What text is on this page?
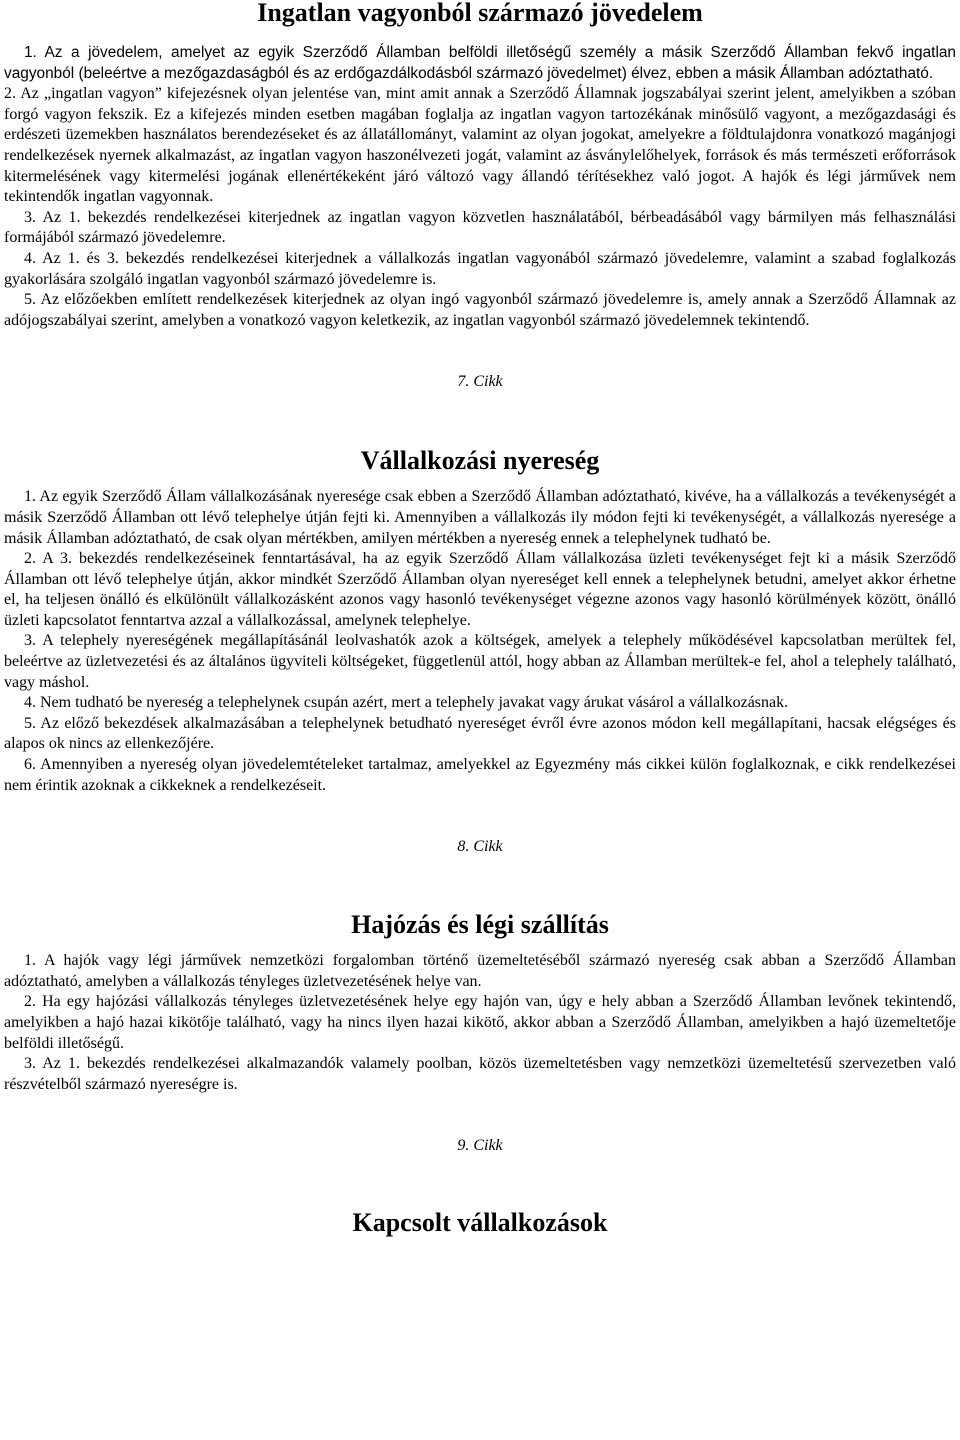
Ingatlan vagyonból származó jövedelem

1. Az a jövedelem, amelyet az egyik Szerződő Államban belföldi illetőségű személy a másik Szerződő Államban fekvő ingatlan vagyonból (beleértve a mezőgazdaságból és az erdőgazdálkodásból származó jövedelmet) élvez, ebben a másik Államban adóztatható.

2. Az „ingatlan vagyon” kifejezésnek olyan jelentése van, mint amit annak a Szerződő Államnak jogszabályai szerint jelent, amelyikben a szóban forgó vagyon fekszik. Ez a kifejezés minden esetben magában foglalja az ingatlan vagyon tartozékának minősülő vagyont, a mezőgazdasági és erdészeti üzemekben használatos berendezéseket és az állatállományt, valamint az olyan jogokat, amelyekre a földtulajdonra vonatkozó magánjogi rendelkezések nyernek alkalmazást, az ingatlan vagyon haszonélvezeti jogát, valamint az ásványlelőhelyek, források és más természeti erőforrások kitermelésének vagy kitermelési jogának ellenértékeként járó változó vagy állandó térítésekhez való jogot. A hajók és légi járművek nem tekintendők ingatlan vagyonnak.

3. Az 1. bekezdés rendelkezései kiterjednek az ingatlan vagyon közvetlen használatából, bérbeadásából vagy bármilyen más felhasználási formájából származó jövedelemre.

4. Az 1. és 3. bekezdés rendelkezései kiterjednek a vállalkozás ingatlan vagyonából származó jövedelemre, valamint a szabad foglalkozás gyakorlására szolgáló ingatlan vagyonból származó jövedelemre is.

5. Az előzőekben említett rendelkezések kiterjednek az olyan ingó vagyonból származó jövedelemre is, amely annak a Szerződő Államnak az adójogszabályai szerint, amelyben a vonatkozó vagyon keletkezik, az ingatlan vagyonból származó jövedelemnek tekintendő.

7. Cikk

Vállalkozási nyereség

1. Az egyik Szerződő Állam vállalkozásának nyeresége csak ebben a Szerződő Államban adóztatható, kivéve, ha a vállalkozás a tevékenységét a másik Szerződő Államban ott lévő telephelye útján fejti ki. Amennyiben a vállalkozás ily módon fejti ki tevékenységét, a vállalkozás nyeresége a másik Államban adóztatható, de csak olyan mértékben, amilyen mértékben a nyereség ennek a telephelynek tudható be.

2. A 3. bekezdés rendelkezéseinek fenntartásával, ha az egyik Szerződő Állam vállalkozása üzleti tevékenységet fejt ki a másik Szerződő Államban ott lévő telephelye útján, akkor mindkét Szerződő Államban olyan nyereséget kell ennek a telephelynek betudni, amelyet akkor érhetne el, ha teljesen önálló és elkülönült vállalkozásként azonos vagy hasonló tevékenységet végezne azonos vagy hasonló körülmények között, önálló üzleti kapcsolatot fenntartva azzal a vállalkozással, amelynek telephelye.

3. A telephely nyereségének megállapításánál leolvashatók azok a költségek, amelyek a telephely működésével kapcsolatban merültek fel, beleértve az üzletvezetési és az általános ügyviteli költségeket, függetlenül attól, hogy abban az Államban merültek-e fel, ahol a telephely található, vagy máshol.

4. Nem tudható be nyereség a telephelynek csupán azért, mert a telephely javakat vagy árukat vásárol a vállalkozásnak.

5. Az előző bekezdések alkalmazásában a telephelynek betudható nyereséget évről évre azonos módon kell megállapítani, hacsak elégséges és alapos ok nincs az ellenkezőjére.

6. Amennyiben a nyereség olyan jövedelemtételeket tartalmaz, amelyekkel az Egyezmény más cikkei külön foglalkoznak, e cikk rendelkezései nem érintik azoknak a cikkeknek a rendelkezéseit.

8. Cikk

Hajózás és légi szállítás

1. A hajók vagy légi járművek nemzetközi forgalomban történő üzemeltetéséből származó nyereség csak abban a Szerződő Államban adóztatható, amelyben a vállalkozás tényleges üzletvezetésének helye van.

2. Ha egy hajózási vállalkozás tényleges üzletvezetésének helye egy hajón van, úgy e hely abban a Szerződő Államban levőnek tekintendő, amelyikben a hajó hazai kikötője található, vagy ha nincs ilyen hazai kikötő, akkor abban a Szerződő Államban, amelyikben a hajó üzemeltetője belföldi illetőségű.

3. Az 1. bekezdés rendelkezései alkalmazandók valamely poolban, közös üzemeltetésben vagy nemzetközi üzemeltetésű szervezetben való részvételből származó nyereségre is.

9. Cikk

Kapcsolt vállalkozások
